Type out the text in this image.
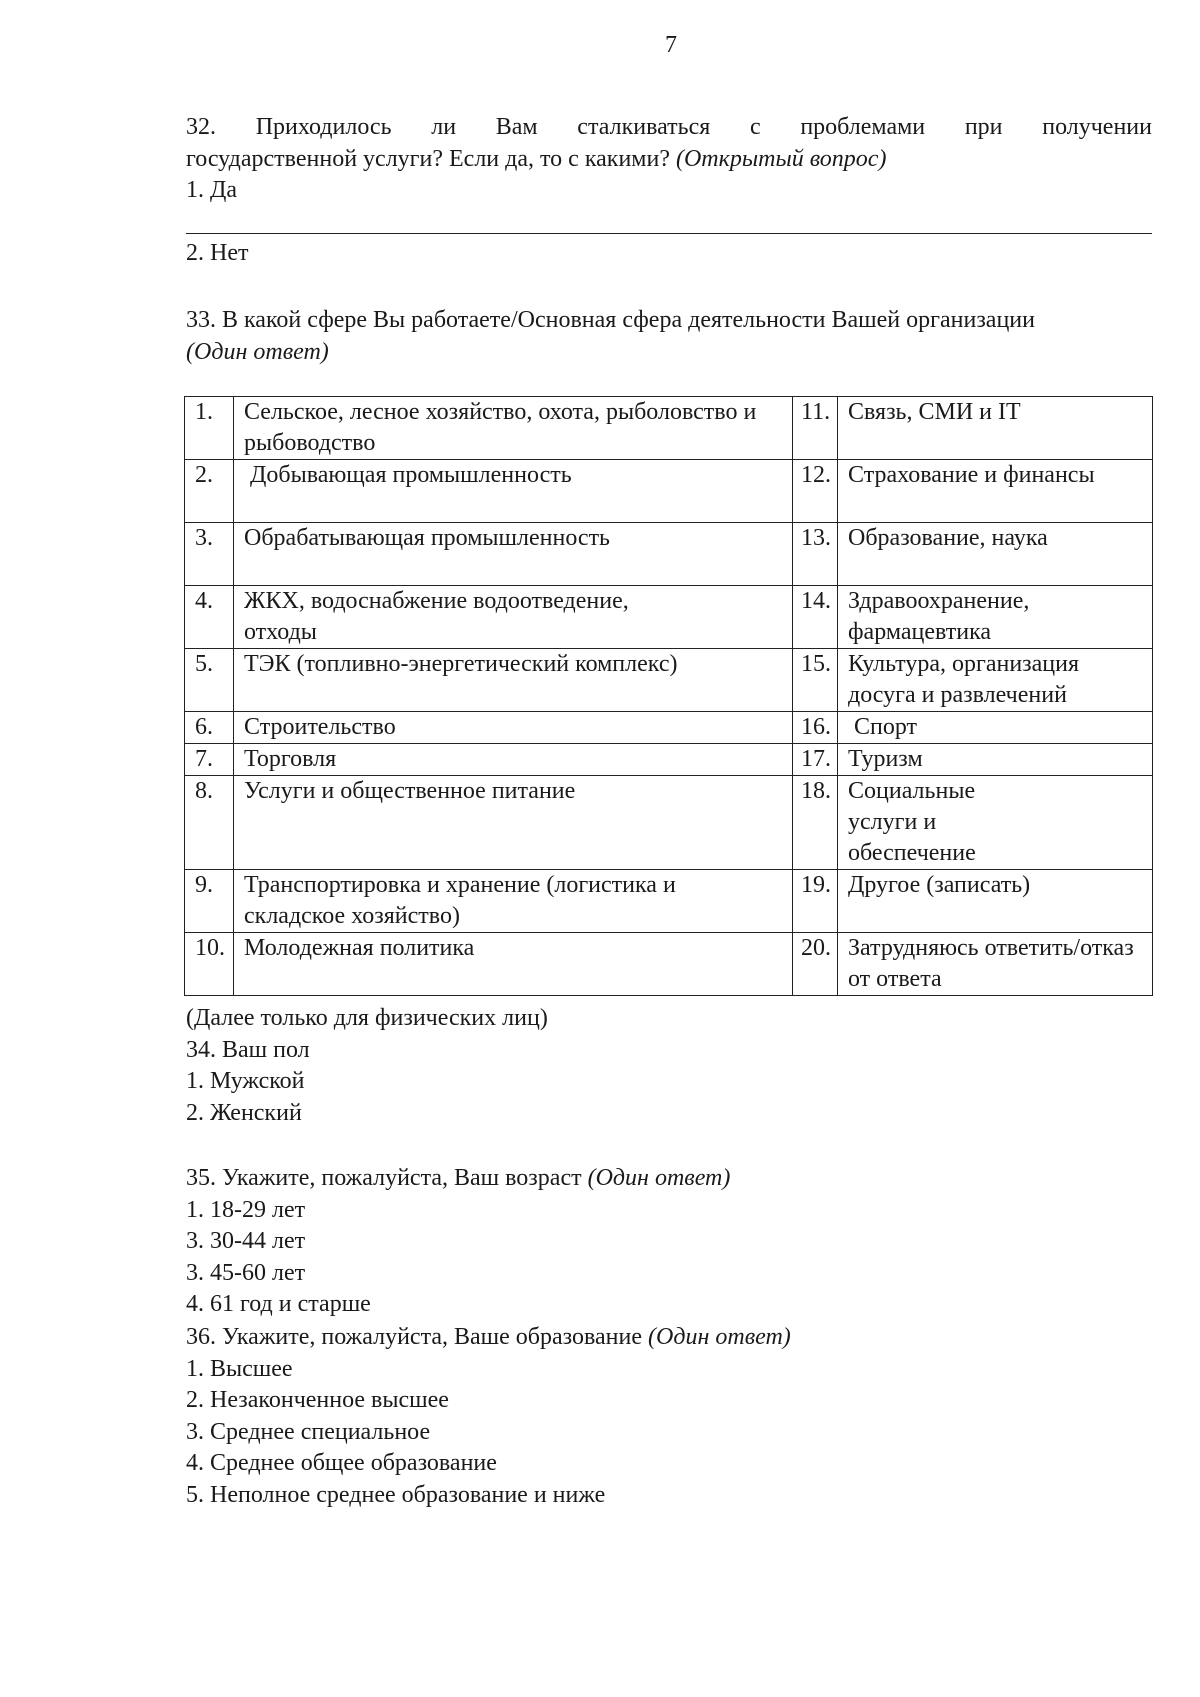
7
32. Приходилось ли Вам сталкиваться с проблемами при получении
государственной услуги? Если да, то с какими? (Открытый вопрос)
1. Да
2. Нет
33. В какой сфере Вы работаете/Основная сфера деятельности Вашей организации
(Один ответ)
1.	Сельское, лесное хозяйство, охота, рыболовство и рыбоводство	11.	Связь, СМИ и IT
2.	Добывающая промышленность	12.	Страхование и финансы
3.	Обрабатывающая промышленность	13.	Образование, наука
4.	ЖКХ, водоснабжение водоотведение, отходы	14.	Здравоохранение, фармацевтика
5.	ТЭК (топливно-энергетический комплекс)	15.	Культура, организация досуга и развлечений
6.	Строительство	16.	Спорт
7.	Торговля	17.	Туризм
8.	Услуги и общественное питание	18.	Социальные услуги и обеспечение
9.	Транспортировка и хранение (логистика и складское хозяйство)	19.	Другое (записать)
10.	Молодежная политика	20.	Затрудняюсь ответить/отказ от ответа
(Далее только для физических лиц)
34. Ваш пол
1. Мужской
2. Женский
35. Укажите, пожалуйста, Ваш возраст (Один ответ)
1. 18-29 лет
3. 30-44 лет
3. 45-60 лет
4. 61 год и старше
36. Укажите, пожалуйста, Ваше образование (Один ответ)
1. Высшее
2. Незаконченное высшее
3. Среднее специальное
4. Среднее общее образование
5. Неполное среднее образование и ниже
